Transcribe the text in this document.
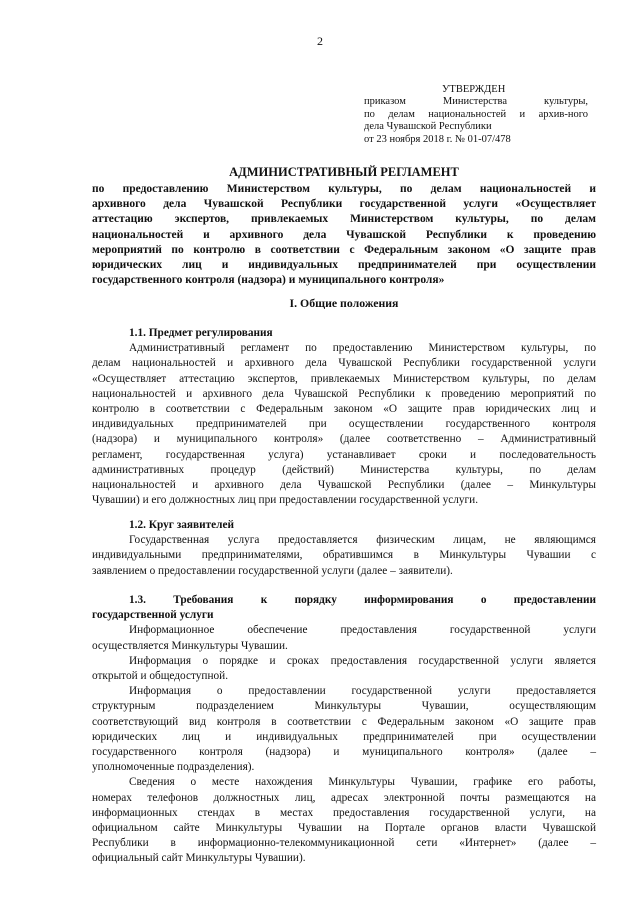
2
УТВЕРЖДЕН
приказом Министерства культуры,
по делам национальностей и архив-ного
дела Чувашской Республики
от 23 ноября 2018 г. № 01-07/478
АДМИНИСТРАТИВНЫЙ РЕГЛАМЕНТ
по предоставлению Министерством культуры, по делам национальностей и
архивного дела Чувашской Республики государственной услуги «Осуществляет
аттестацию экспертов, привлекаемых Министерством культуры, по делам
национальностей и архивного дела Чувашской Республики к проведению
мероприятий по контролю в соответствии с Федеральным законом «О защите прав
юридических лиц и индивидуальных предпринимателей при осуществлении
государственного контроля (надзора) и муниципального контроля»
I. Общие положения
1.1. Предмет регулирования
Административный регламент по предоставлению Министерством культуры, по
делам национальностей и архивного дела Чувашской Республики государственной услуги
«Осуществляет аттестацию экспертов, привлекаемых Министерством культуры, по делам
национальностей и архивного дела Чувашской Республики к проведению мероприятий по
контролю в соответствии с Федеральным законом «О защите прав юридических лиц и
индивидуальных предпринимателей при осуществлении государственного контроля
(надзора) и муниципального контроля» (далее соответственно – Административный
регламент, государственная услуга) устанавливает сроки и последовательность
административных процедур (действий) Министерства культуры, по делам
национальностей и архивного дела Чувашской Республики (далее – Минкультуры
Чувашии) и его должностных лиц при предоставлении государственной услуги.
1.2. Круг заявителей
Государственная услуга предоставляется физическим лицам, не являющимся
индивидуальными предпринимателями, обратившимся в Минкультуры Чувашии с
заявлением о предоставлении государственной услуги (далее – заявители).
1.3. Требования к порядку информирования о предоставлении
государственной услуги
Информационное обеспечение предоставления государственной услуги
осуществляется Минкультуры Чувашии.
Информация о порядке и сроках предоставления государственной услуги является
открытой и общедоступной.
Информация о предоставлении государственной услуги предоставляется
структурным подразделением Минкультуры Чувашии, осуществляющим
соответствующий вид контроля в соответствии с Федеральным законом «О защите прав
юридических лиц и индивидуальных предпринимателей при осуществлении
государственного контроля (надзора) и муниципального контроля» (далее –
уполномоченные подразделения).
Сведения о месте нахождения Минкультуры Чувашии, графике его работы,
номерах телефонов должностных лиц, адресах электронной почты размещаются на
информационных стендах в местах предоставления государственной услуги, на
официальном сайте Минкультуры Чувашии на Портале органов власти Чувашской
Республики в информационно-телекоммуникационной сети «Интернет» (далее –
официальный сайт Минкультуры Чувашии).
